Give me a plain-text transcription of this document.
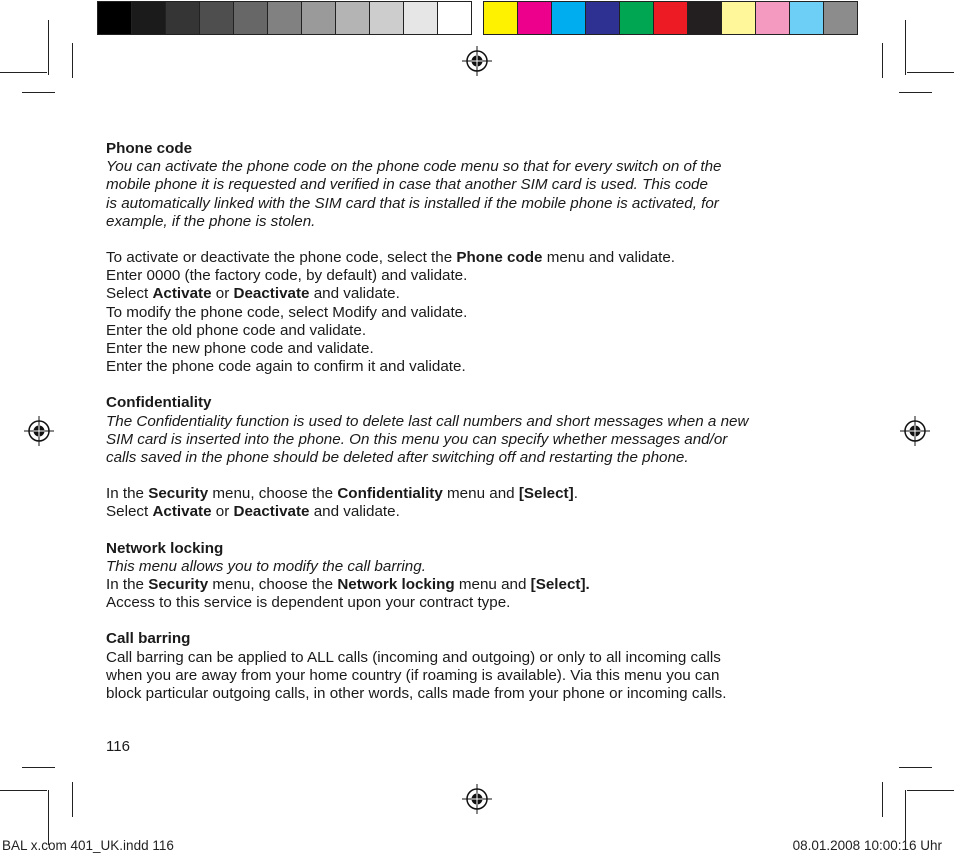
Phone code

You can activate the phone code on the phone code menu so that for every switch on of the

mobile phone it is requested and verified in case that another SIM card is used. This code

is automatically linked with the SIM card that is installed if the mobile phone is activated, for

example, if the phone is stolen.

To activate or deactivate the phone code, select the Phone code menu and validate.

Enter 0000 (the factory code, by default) and validate.

Select Activate or Deactivate and validate.

To modify the phone code, select Modify and validate.

Enter the old phone code and validate.

Enter the new phone code and validate.

Enter the phone code again to confirm it and validate.

Confidentiality

The Confidentiality function is used to delete last call numbers and short messages when a new

SIM card is inserted into the phone. On this menu you can specify whether messages and/or

calls saved in the phone should be deleted after switching off and restarting the phone.

In the Security menu, choose the Confidentiality menu and [Select].

Select Activate or Deactivate and validate.

Network locking

This menu allows you to modify the call barring.

In the Security menu, choose the Network locking menu and [Select].

Access to this service is dependent upon your contract type.

Call barring

Call barring can be applied to ALL calls (incoming and outgoing) or only to all incoming calls

when you are away from your home country (if roaming is available). Via this menu you can

block particular outgoing calls, in other words, calls made from your phone or incoming calls.

116
BAL x.com 401_UK.indd 116	08.01.2008 10:00:16 Uhr
